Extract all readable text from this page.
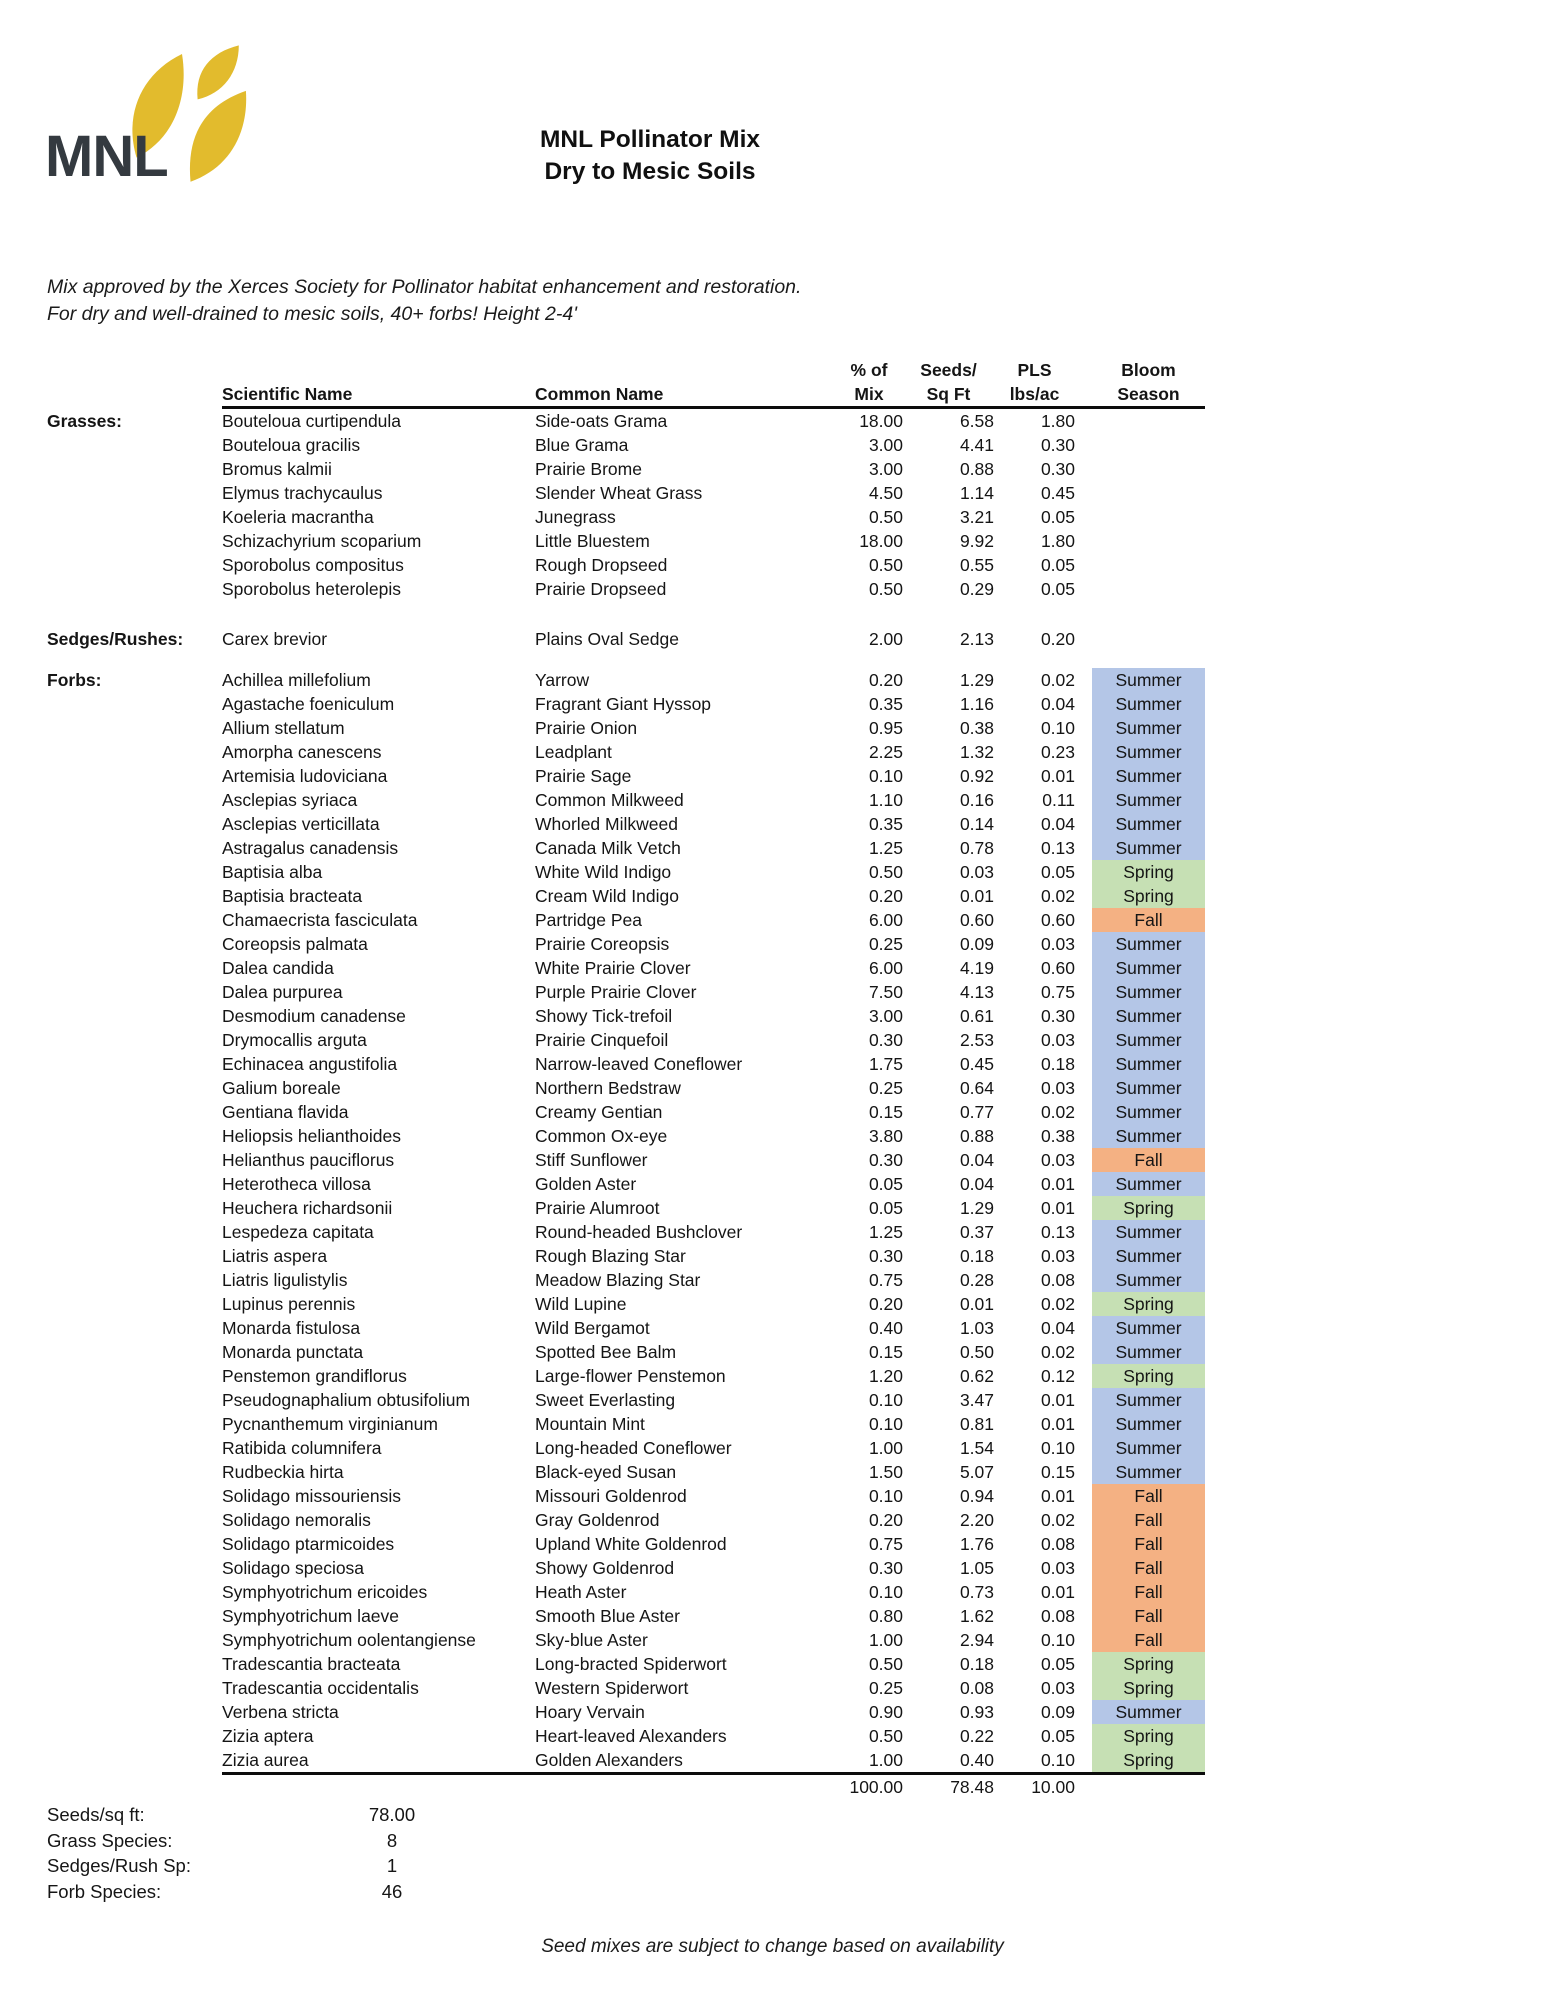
MNL	MNL Pollinator Mix
Dry to Mesic Soils
Mix approved by the Xerces Society for Pollinator habitat enhancement and restoration.
For dry and well-drained to mesic soils, 40+ forbs! Height 2-4'
% of	Seeds/	PLS	Bloom
Scientific Name	Common Name	Mix	Sq Ft	lbs/ac	Season
Grasses:	Bouteloua curtipendula	Side-oats Grama	18.00	6.58	1.80
Bouteloua gracilis	Blue Grama	3.00	4.41	0.30
Bromus kalmii	Prairie Brome	3.00	0.88	0.30
Elymus trachycaulus	Slender Wheat Grass	4.50	1.14	0.45
Koeleria macrantha	Junegrass	0.50	3.21	0.05
Schizachyrium scoparium	Little Bluestem	18.00	9.92	1.80
Sporobolus compositus	Rough Dropseed	0.50	0.55	0.05
Sporobolus heterolepis	Prairie Dropseed	0.50	0.29	0.05
Sedges/Rushes:	Carex brevior	Plains Oval Sedge	2.00	2.13	0.20
Forbs:	Achillea millefolium	Yarrow	0.20	1.29	0.02	Summer
Agastache foeniculum	Fragrant Giant Hyssop	0.35	1.16	0.04	Summer
Allium stellatum	Prairie Onion	0.95	0.38	0.10	Summer
Amorpha canescens	Leadplant	2.25	1.32	0.23	Summer
Artemisia ludoviciana	Prairie Sage	0.10	0.92	0.01	Summer
Asclepias syriaca	Common Milkweed	1.10	0.16	0.11	Summer
Asclepias verticillata	Whorled Milkweed	0.35	0.14	0.04	Summer
Astragalus canadensis	Canada Milk Vetch	1.25	0.78	0.13	Summer
Baptisia alba	White Wild Indigo	0.50	0.03	0.05	Spring
Baptisia bracteata	Cream Wild Indigo	0.20	0.01	0.02	Spring
Chamaecrista fasciculata	Partridge Pea	6.00	0.60	0.60	Fall
Coreopsis palmata	Prairie Coreopsis	0.25	0.09	0.03	Summer
Dalea candida	White Prairie Clover	6.00	4.19	0.60	Summer
Dalea purpurea	Purple Prairie Clover	7.50	4.13	0.75	Summer
Desmodium canadense	Showy Tick-trefoil	3.00	0.61	0.30	Summer
Drymocallis arguta	Prairie Cinquefoil	0.30	2.53	0.03	Summer
Echinacea angustifolia	Narrow-leaved Coneflower	1.75	0.45	0.18	Summer
Galium boreale	Northern Bedstraw	0.25	0.64	0.03	Summer
Gentiana flavida	Creamy Gentian	0.15	0.77	0.02	Summer
Heliopsis helianthoides	Common Ox-eye	3.80	0.88	0.38	Summer
Helianthus pauciflorus	Stiff Sunflower	0.30	0.04	0.03	Fall
Heterotheca villosa	Golden Aster	0.05	0.04	0.01	Summer
Heuchera richardsonii	Prairie Alumroot	0.05	1.29	0.01	Spring
Lespedeza capitata	Round-headed Bushclover	1.25	0.37	0.13	Summer
Liatris aspera	Rough Blazing Star	0.30	0.18	0.03	Summer
Liatris ligulistylis	Meadow Blazing Star	0.75	0.28	0.08	Summer
Lupinus perennis	Wild Lupine	0.20	0.01	0.02	Spring
Monarda fistulosa	Wild Bergamot	0.40	1.03	0.04	Summer
Monarda punctata	Spotted Bee Balm	0.15	0.50	0.02	Summer
Penstemon grandiflorus	Large-flower Penstemon	1.20	0.62	0.12	Spring
Pseudognaphalium obtusifolium	Sweet Everlasting	0.10	3.47	0.01	Summer
Pycnanthemum virginianum	Mountain Mint	0.10	0.81	0.01	Summer
Ratibida columnifera	Long-headed Coneflower	1.00	1.54	0.10	Summer
Rudbeckia hirta	Black-eyed Susan	1.50	5.07	0.15	Summer
Solidago missouriensis	Missouri Goldenrod	0.10	0.94	0.01	Fall
Solidago nemoralis	Gray Goldenrod	0.20	2.20	0.02	Fall
Solidago ptarmicoides	Upland White Goldenrod	0.75	1.76	0.08	Fall
Solidago speciosa	Showy Goldenrod	0.30	1.05	0.03	Fall
Symphyotrichum ericoides	Heath Aster	0.10	0.73	0.01	Fall
Symphyotrichum laeve	Smooth Blue Aster	0.80	1.62	0.08	Fall
Symphyotrichum oolentangiense	Sky-blue Aster	1.00	2.94	0.10	Fall
Tradescantia bracteata	Long-bracted Spiderwort	0.50	0.18	0.05	Spring
Tradescantia occidentalis	Western Spiderwort	0.25	0.08	0.03	Spring
Verbena stricta	Hoary Vervain	0.90	0.93	0.09	Summer
Zizia aptera	Heart-leaved Alexanders	0.50	0.22	0.05	Spring
Zizia aurea	Golden Alexanders	1.00	0.40	0.10	Spring
100.00	78.48	10.00
Seeds/sq ft:	78.00
Grass Species:	8
Sedges/Rush Sp:	1
Forb Species:	46
Seed mixes are subject to change based on availability
